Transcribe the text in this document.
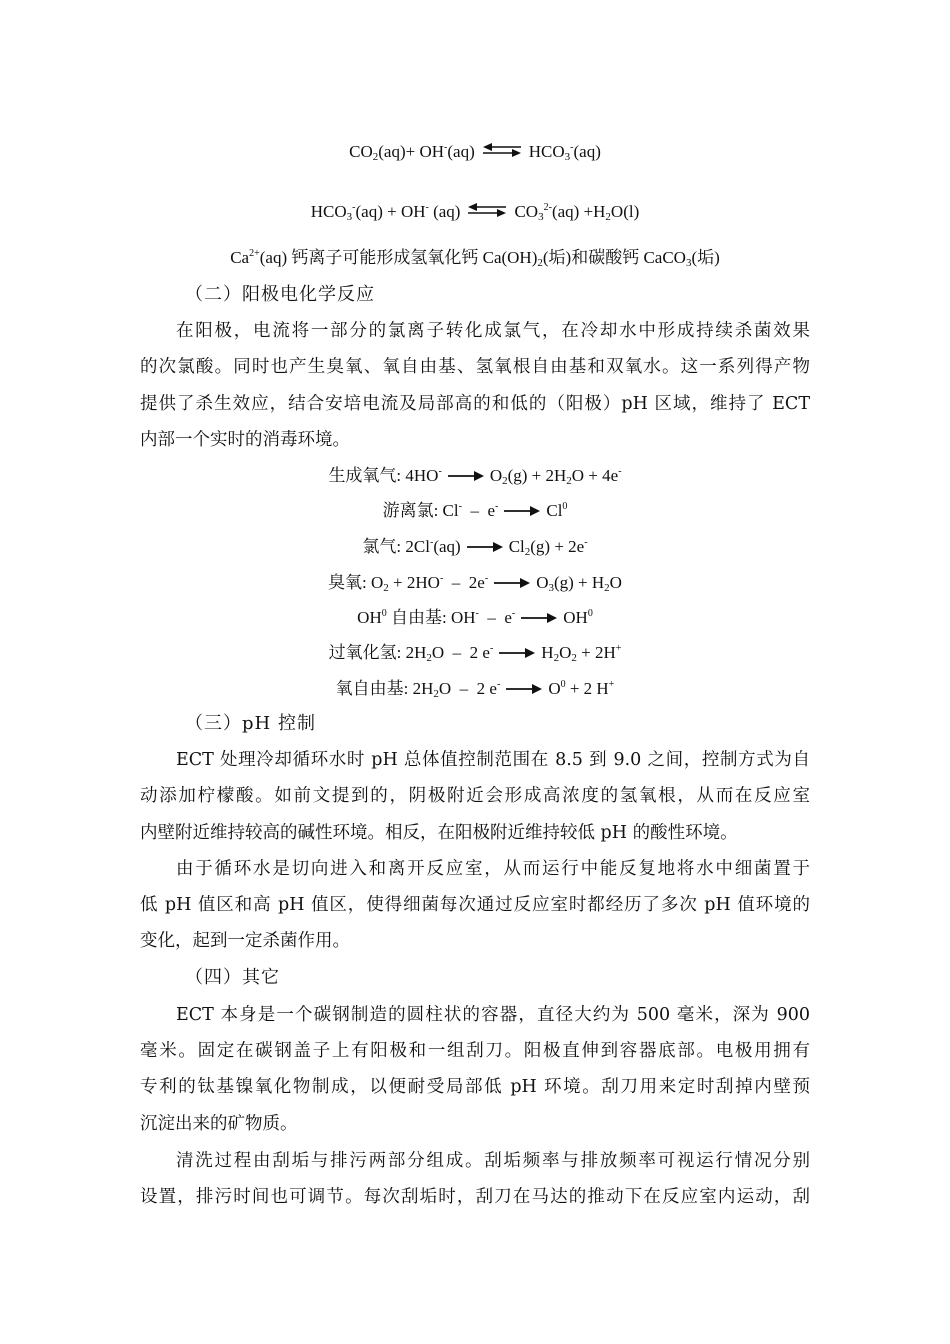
$CO_2(aq)+ OH^-(aq)$ ⇌ $HCO_3^-(aq)$
$HCO_3^-(aq) + OH^-$ (aq) ⇌ $CO_3^{2-}(aq) +H_2O(l)$
$Ca^{2+}(aq)$ 钙离子可能形成氢氧化钙 $Ca(OH)_2$(垢)和碳酸钙 CaCO$_3$(垢)
（二）阳极电化学反应
在阳极，电流将一部分的氯离子转化成氯气，在冷却水中形成持续杀菌效果
的次氯酸。同时也产生臭氧、氧自由基、氢氧根自由基和双氧水。这一系列得产物
提供了杀生效应，结合安培电流及局部高的和低的（阳极）pH 区域，维持了 ECT
内部一个实时的消毒环境。
生成氧气: 4HO-	$O_2(g) + 2H_2O + 4e^-$
游离氯: Cl-  –  e-	Cl$^0$
氯气: 2Cl-(aq)	$Cl_2(g) + 2e^-$
臭氧: $O_2 + 2HO^- - 2e^-$	$O_3(g) + H_2O$
$OH^0$ 自由基: OH-  –  e-	$OH^0$
过氧化氢: $2H_2O - 2$ e-	$H_2O_2 + 2H^+$
氧自由基: $2H_2O - 2$ e-	$O^0 + 2$ H+
（三）pH 控制
ECT 处理冷却循环水时 pH 总体值控制范围在 8.5 到 9.0 之间，控制方式为自
动添加柠檬酸。如前文提到的，阴极附近会形成高浓度的氢氧根，从而在反应室
内壁附近维持较高的碱性环境。相反，在阳极附近维持较低 pH 的酸性环境。
由于循环水是切向进入和离开反应室，从而运行中能反复地将水中细菌置于
低 pH 值区和高 pH 值区，使得细菌每次通过反应室时都经历了多次 pH 值环境的
变化，起到一定杀菌作用。
（四）其它
ECT 本身是一个碳钢制造的圆柱状的容器，直径大约为 500 毫米，深为 900
毫米。固定在碳钢盖子上有阳极和一组刮刀。阳极直伸到容器底部。电极用拥有
专利的钛基镍氧化物制成，以便耐受局部低 pH 环境。刮刀用来定时刮掉内壁预
沉淀出来的矿物质。
清洗过程由刮垢与排污两部分组成。刮垢频率与排放频率可视运行情况分别
设置，排污时间也可调节。每次刮垢时，刮刀在马达的推动下在反应室内运动，刮
